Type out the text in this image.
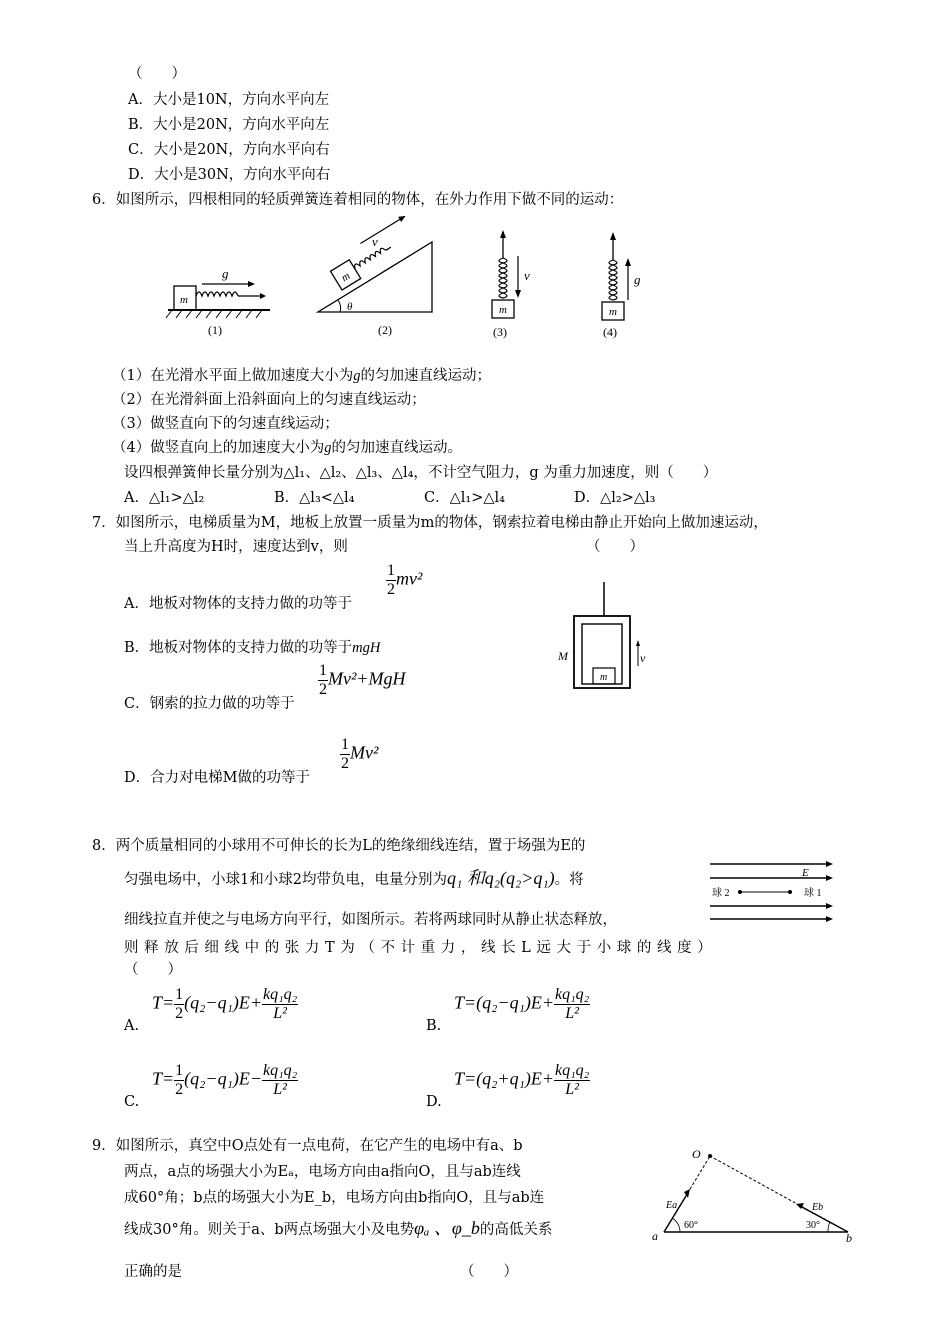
（　　）
A．大小是10N，方向水平向左
B．大小是20N，方向水平向左
C．大小是20N，方向水平向右
D．大小是30N，方向水平向右
6．如图所示，四根相同的轻质弹簧连着相同的物体，在外力作用下做不同的运动：
m
g
(1)
m
v
θ
(2)
m
v
(3)
m
g
(4)
（1）在光滑水平面上做加速度大小为g的匀加速直线运动；
（2）在光滑斜面上沿斜面向上的匀速直线运动；
（3）做竖直向下的匀速直线运动；
（4）做竖直向上的加速度大小为g的匀加速直线运动。
设四根弹簧伸长量分别为△l₁、△l₂、△l₃、△l₄，不计空气阻力，g 为重力加速度，则（　　）
A．△l₁>△l₂	B．△l₃<△l₄	C．△l₁>△l₄	D．△l₂>△l₃
7．如图所示，电梯质量为M，地板上放置一质量为m的物体，钢索拉着电梯由静止开始向上做加速运动，
当上升高度为H时，速度达到v，则	（　　）
A．地板对物体的支持力做的功等于
$\frac{1}{2} mv^2$
B．地板对物体的支持力做的功等于mgH
C．钢索的拉力做的功等于
$\frac{1}{2} Mv^2+MgH$
D．合力对电梯M做的功等于
$\frac{1}{2} Mv^2$
m
M	v
8．两个质量相同的小球用不可伸长的长为L的绝缘细线连结，置于场强为E的
匀强电场中，小球1和小球2均带负电，电量分别为q₁ 和q₂(q₂>q₁)。将
细线拉直并使之与电场方向平行，如图所示。若将两球同时从静止状态释放，
则释放后细线中的张力T为（不计重力，线长L远大于小球的线度）
（　　）
E
球 2	球 1
A.
$T= \frac{1}{2} (q_2-q_1)E+ \frac{\text{kq₁q₂}}{\text{L²}}$
B.
$T=(q_2-q_1)E+ \frac{\text{kq₁q₂}}{\text{L²}}$
C.
$T= \frac{1}{2} (q_2-q_1)E- \frac{\text{kq₁q₂}}{\text{L²}}$
D.
$T=(q_2+q_1)E+ \frac{\text{kq₁q₂}}{\text{L²}}$
9．如图所示，真空中O点处有一点电荷，在它产生的电场中有a、b
两点，a点的场强大小为Eₐ，电场方向由a指向O，且与ab连线
成60°角；b点的场强大小为E_b，电场方向由b指向O，且与ab连
线成30°角。则关于a、b两点场强大小及电势φₐ 、φ_b的高低关系
正确的是	（　　）
O
a	b
Ea	Eb
60°	30°
